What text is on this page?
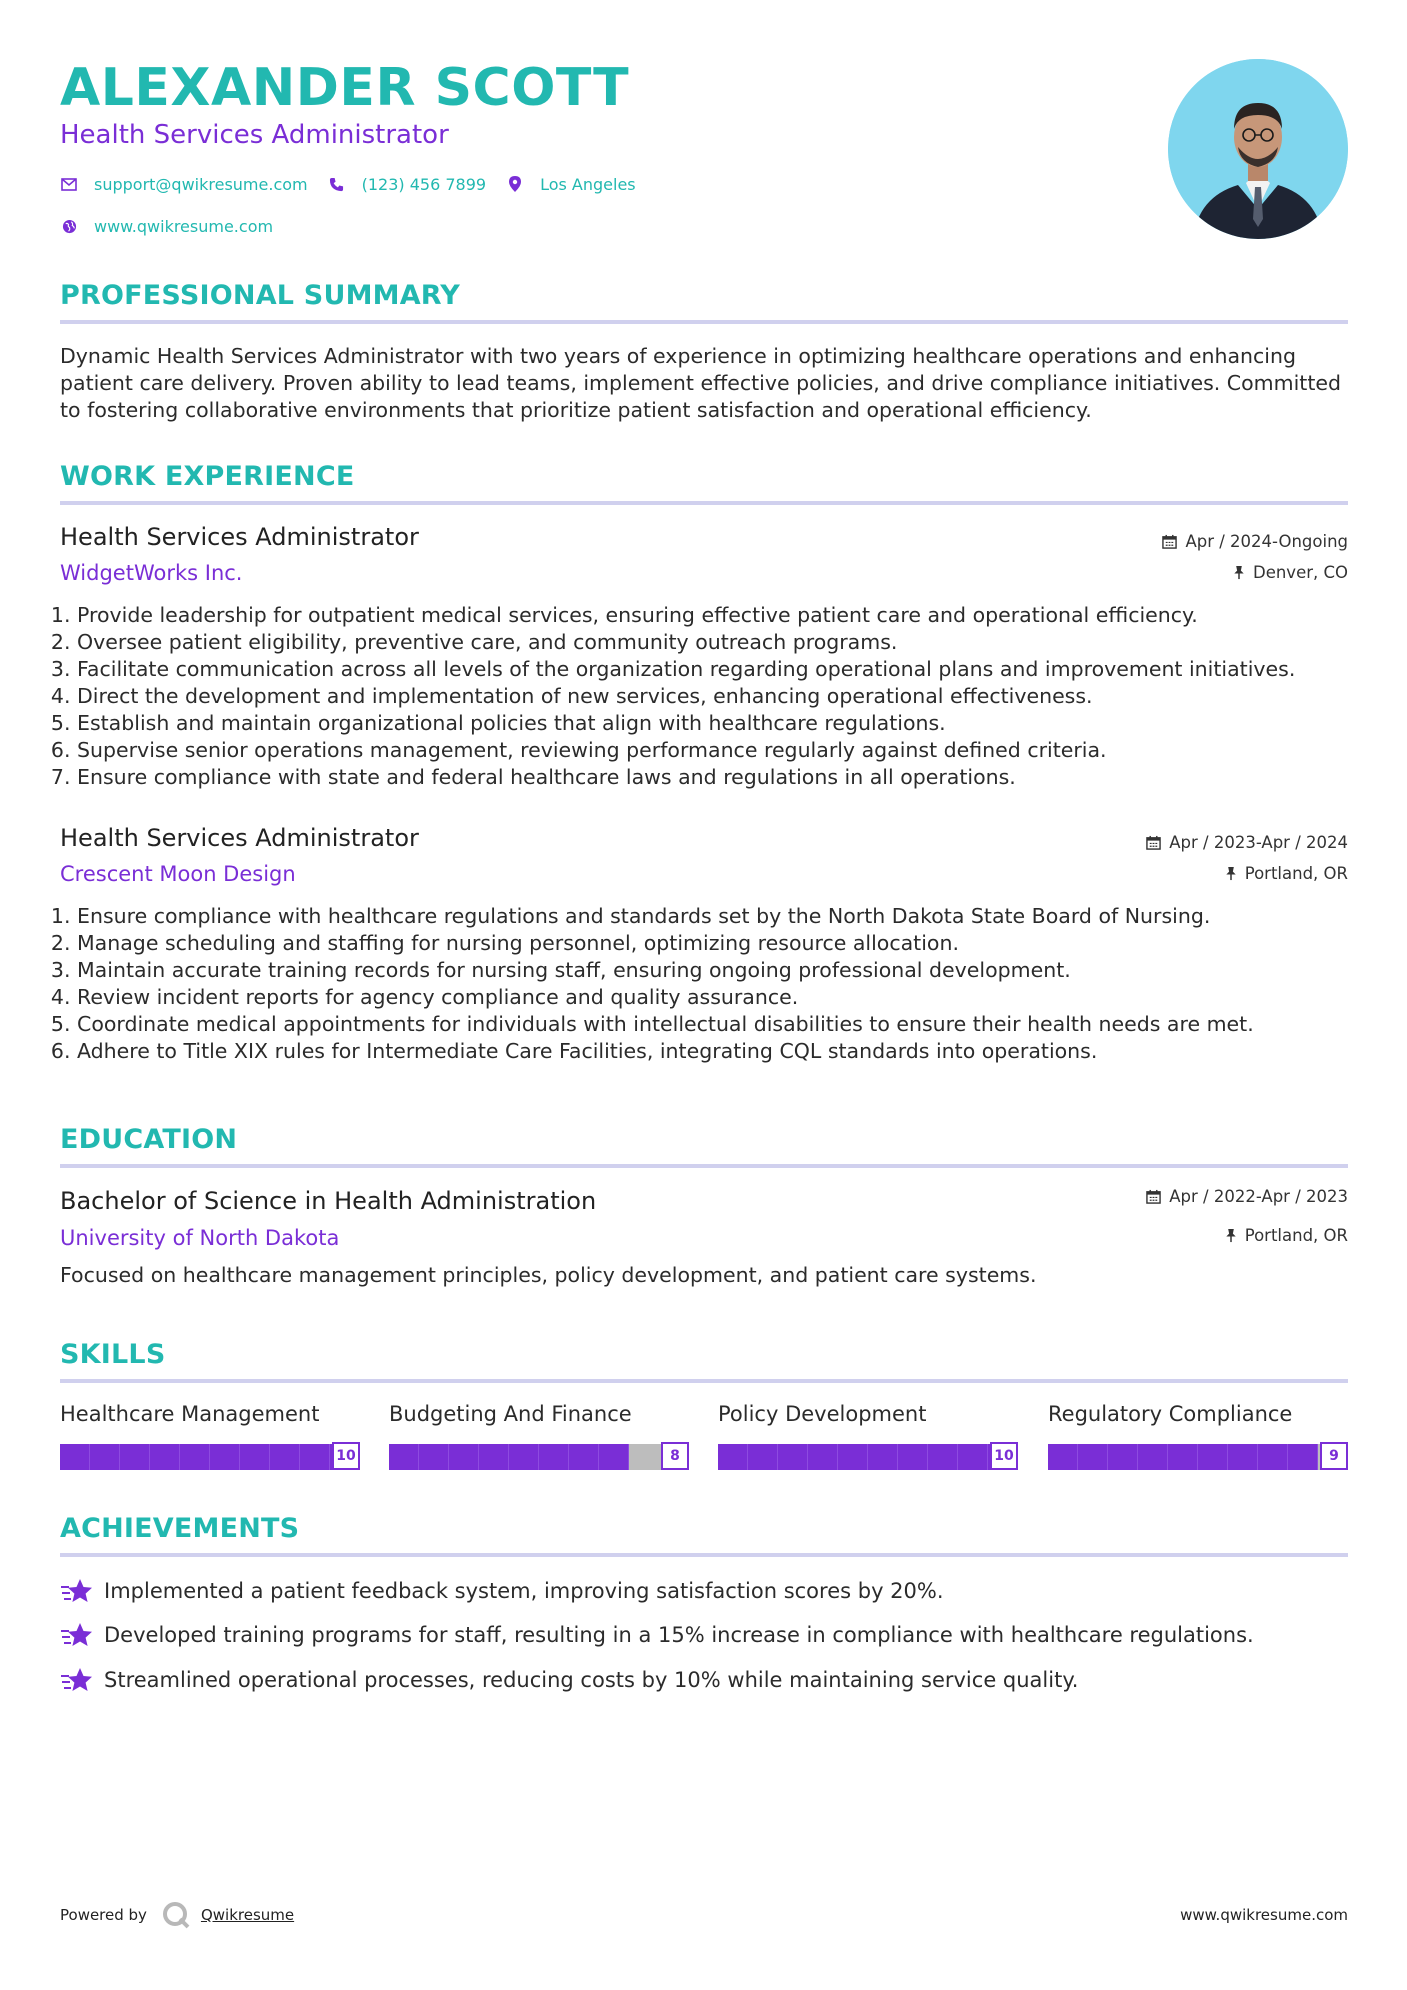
ALEXANDER SCOTT
Health Services Administrator
support@qwikresume.com	(123) 456 7899	Los Angeles
www.qwikresume.com
PROFESSIONAL SUMMARY

Dynamic Health Services Administrator with two years of experience in optimizing healthcare operations and enhancing patient care delivery. Proven ability to lead teams, implement effective policies, and drive compliance initiatives. Committed to fostering collaborative environments that prioritize patient satisfaction and operational efficiency.

WORK EXPERIENCE
Health Services Administrator
WidgetWorks Inc.
Apr / 2024-Ongoing
Denver, CO
1. Provide leadership for outpatient medical services, ensuring effective patient care and operational efficiency.
2. Oversee patient eligibility, preventive care, and community outreach programs.
3. Facilitate communication across all levels of the organization regarding operational plans and improvement initiatives.
4. Direct the development and implementation of new services, enhancing operational effectiveness.
5. Establish and maintain organizational policies that align with healthcare regulations.
6. Supervise senior operations management, reviewing performance regularly against defined criteria.
7. Ensure compliance with state and federal healthcare laws and regulations in all operations.
Health Services Administrator
Crescent Moon Design
Apr / 2023-Apr / 2024
Portland, OR
1. Ensure compliance with healthcare regulations and standards set by the North Dakota State Board of Nursing.
2. Manage scheduling and staffing for nursing personnel, optimizing resource allocation.
3. Maintain accurate training records for nursing staff, ensuring ongoing professional development.
4. Review incident reports for agency compliance and quality assurance.
5. Coordinate medical appointments for individuals with intellectual disabilities to ensure their health needs are met.
6. Adhere to Title XIX rules for Intermediate Care Facilities, integrating CQL standards into operations.
EDUCATION
Bachelor of Science in Health Administration
University of North Dakota
Apr / 2022-Apr / 2023
Portland, OR

Focused on healthcare management principles, policy development, and patient care systems.

SKILLS
Healthcare Management
10
Budgeting And Finance
8
Policy Development
10
Regulatory Compliance
9
ACHIEVEMENTS
Implemented a patient feedback system, improving satisfaction scores by 20%.
Developed training programs for staff, resulting in a 15% increase in compliance with healthcare regulations.
Streamlined operational processes, reducing costs by 10% while maintaining service quality.
Powered by	Qwikresume	www.qwikresume.com
